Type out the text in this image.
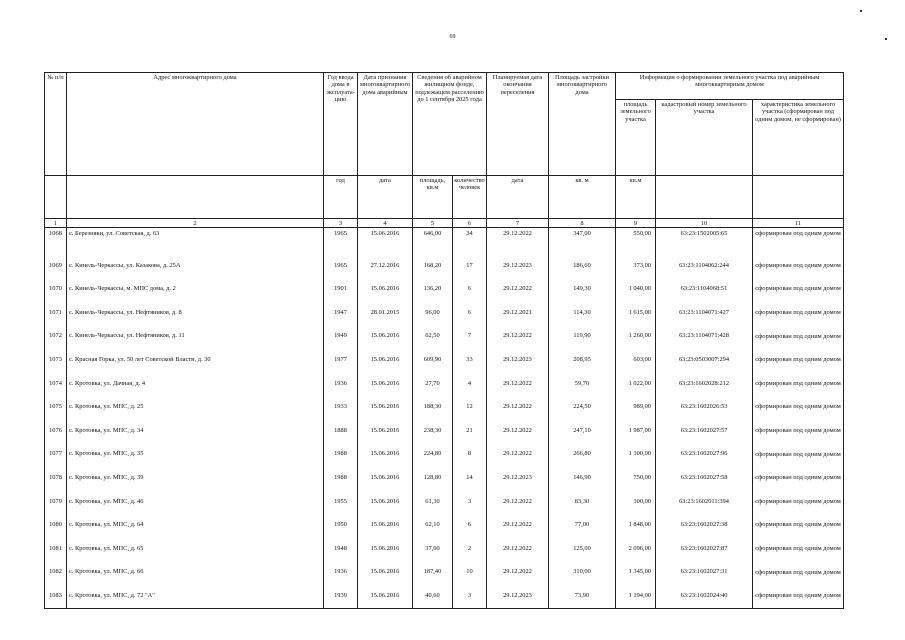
69
№ п/п	Адрес многоквартирного дома	Год ввода дома в эксплуата-цию	Дата признания многоквартирного дома аварийным	Сведения об аварийном жилищном фонде, подлежащем расселению до 1 сентября 2025 года		Планируемая дата окончания переселения	Площадь застройки многоквартирного дома	Информация о формировании земельного участка под аварийным многоквартирным домом		
								площадь земельного участка	кадастровый номер земельного участка	характеристика земельного участка (сформирован под одним домом, не сформирован)
		год	дата	площадь, кв.м	количество человек	дата	кв. м	кв.м		
1	2	3	4	5	6	7	8	9	10	11
1068	с. Березняки, ул. Советская, д. 63	1965	15.06.2016	646,00	34	29.12.2022	347,00	550,00	63:23:1502005:65	сформирован под одним домом
1069	с. Кинель-Черкассы, ул. Казакова, д. 25А	1965	27.12.2016	168,20	17	29.12.2023	186,60	373,00	63:23:1104062:244	сформирован под одним домом
1070	с. Кинель-Черкассы, м. МПС дома, д. 2	1901	15.06.2016	136,20	6	29.12.2022	149,30	1 040,00	63:23:1104068:51	сформирован под одним домом
1071	с. Кинель-Черкассы, ул. Нефтяников, д. 8	1947	28.01.2015	96,00	6	29.12.2021	114,30	1 615,00	63:23:1104071:427	сформирован под одним домом
1072	с. Кинель-Черкассы, ул. Нефтяников, д. 11	1949	15.06.2016	62,50	7	29.12.2022	119,90	1 260,00	63:23:1104071:428	сформирован под одним домом
1073	с. Красная Горка, ул. 50 лет Советской Власти, д. 30	1977	15.06.2016	609,90	33	29.12.2023	208,95	603,00	63:23:0503007:294	сформирован под одним домом
1074	с. Кротовка, ул. Дачная, д. 4	1936	15.06.2016	27,70	4	29.12.2022	59,70	1 022,00	63:23:1602028:212	сформирован под одним домом
1075	с. Кротовка, ул. МПС, д. 25	1933	15.06.2016	188,30	12	29.12.2022	224,50	989,00	63:23:1602026:53	сформирован под одним домом
1076	с. Кротовка, ул. МПС, д. 34	1888	15.06.2016	238,30	21	29.12.2022	247,10	1 987,00	63:23:1602027:57	сформирован под одним домом
1077	с. Кротовка, ул. МПС, д. 35	1988	15.06.2016	224,80	8	29.12.2022	266,80	1 300,00	63:23:1602027:96	сформирован под одним домом
1078	с. Кротовка, ул. МПС, д. 39	1988	15.06.2016	128,80	14	29.12.2023	146,90	750,00	63:23:1602027:58	сформирован под одним домом
1079	с. Кротовка, ул. МПС, д. 46	1955	15.06.2016	61,30	3	29.12.2022	83,30	300,00	63:23:1602011:394	сформирован под одним домом
1080	с. Кротовка, ул. МПС, д. 64	1950	15.06.2016	62,10	6	29.12.2022	77,00	1 848,00	63:23:1602027:38	сформирован под одним домом
1081	с. Кротовка, ул. МПС, д. 65	1948	15.06.2016	37,00	2	29.12.2022	125,00	2 096,00	63:23:1602027:87	сформирован под одним домом
1082	с. Кротовка, ул. МПС, д. 66	1936	15.06.2016	187,40	10	29.12.2022	310,00	1 345,00	63:23:1602027:31	сформирован под одним домом
1083	с. Кротовка, ул. МПС, д. 72 "А"	1939	15.06.2016	40,60	3	29.12.2023	73,90	1 194,00	63:23:1602024:40	сформирован под одним домом
